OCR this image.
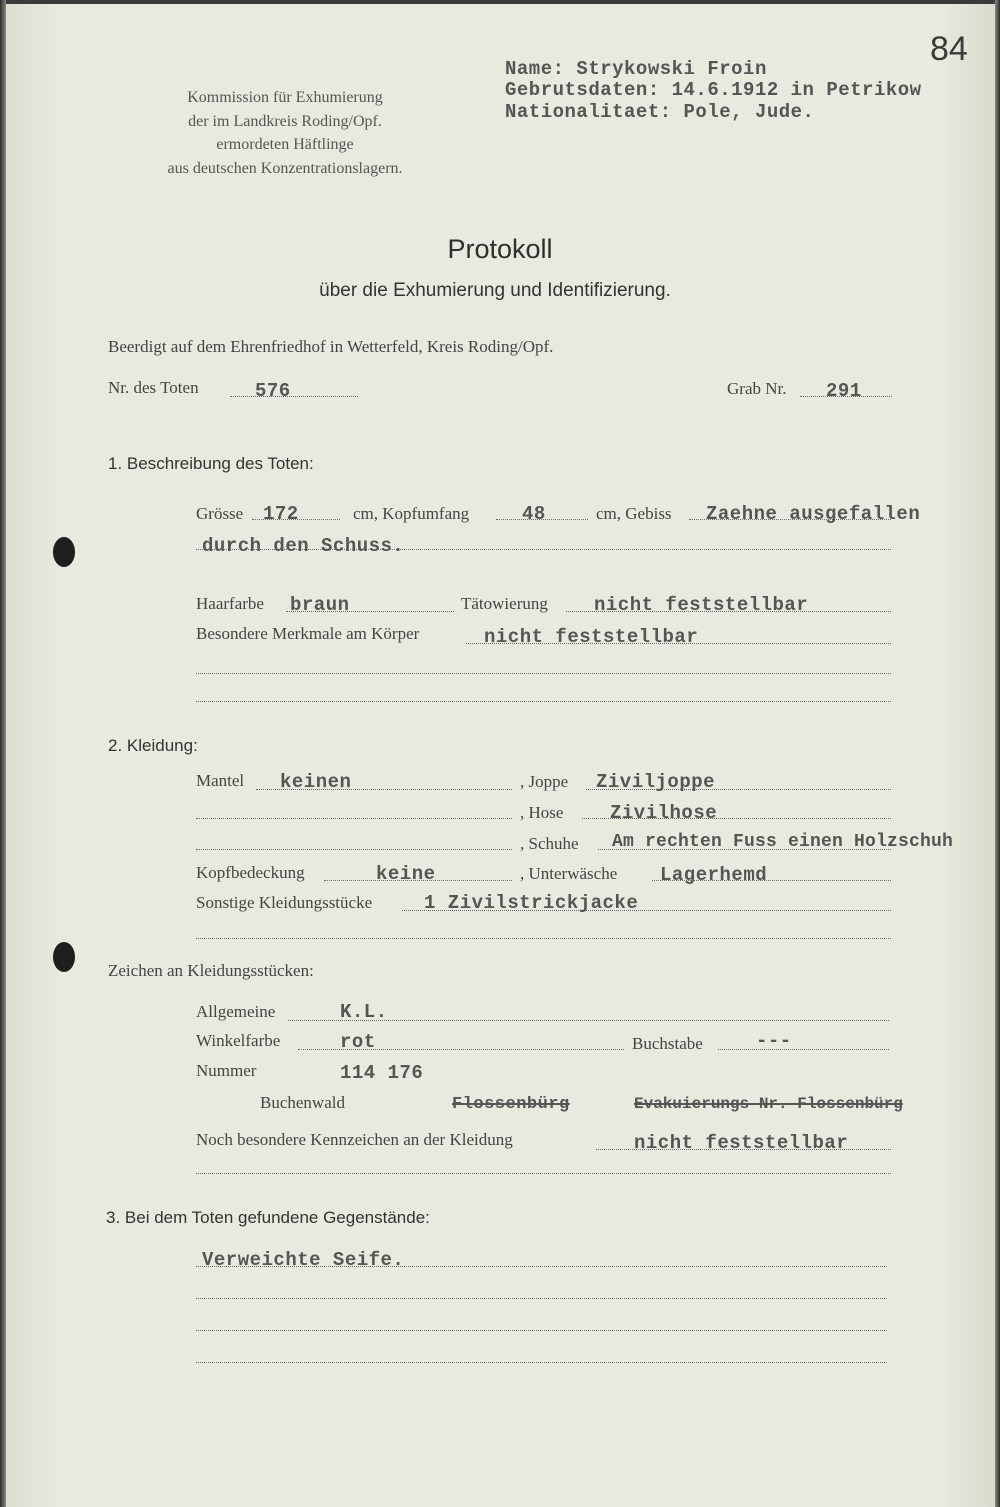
84
Kommission für Exhumierung
der im Landkreis Roding/Opf.
ermordeten Häftlinge
aus deutschen Konzentrationslagern.
Name: Strykowski Froin
Gebrutsdaten: 14.6.1912 in Petrikow
Nationalitaet: Pole, Jude.
Protokoll
über die Exhumierung und Identifizierung.
Beerdigt auf dem Ehrenfriedhof in Wetterfeld, Kreis Roding/Opf.
Nr. des Toten	576	Grab Nr. 291
1. Beschreibung des Toten:
Grösse 172	cm, Kopfumfang	48	cm, Gebiss Zaehne ausgefallen
durch den Schuss.
Haarfarbe braun	Tätowierung nicht feststellbar
Besondere Merkmale am Körper	nicht feststellbar
2. Kleidung:
Mantel keinen	, Joppe Ziviljoppe
, Hose Zivilhose
, Schuhe Am rechten Fuss einen Holzschuh
Kopfbedeckung	keine	, Unterwäsche Lagerhemd
Sonstige Kleidungsstücke	1 Zivilstrickjacke
Zeichen an Kleidungsstücken:
Allgemeine	K.L.
Winkelfarbe	rot	Buchstabe	---
Nummer	114 176
Buchenwald	Flossenbürg	Evakuierungs-Nr. Flossenbürg
Noch besondere Kennzeichen an der Kleidung	nicht feststellbar
3. Bei dem Toten gefundene Gegenstände:
Verweichte Seife.
